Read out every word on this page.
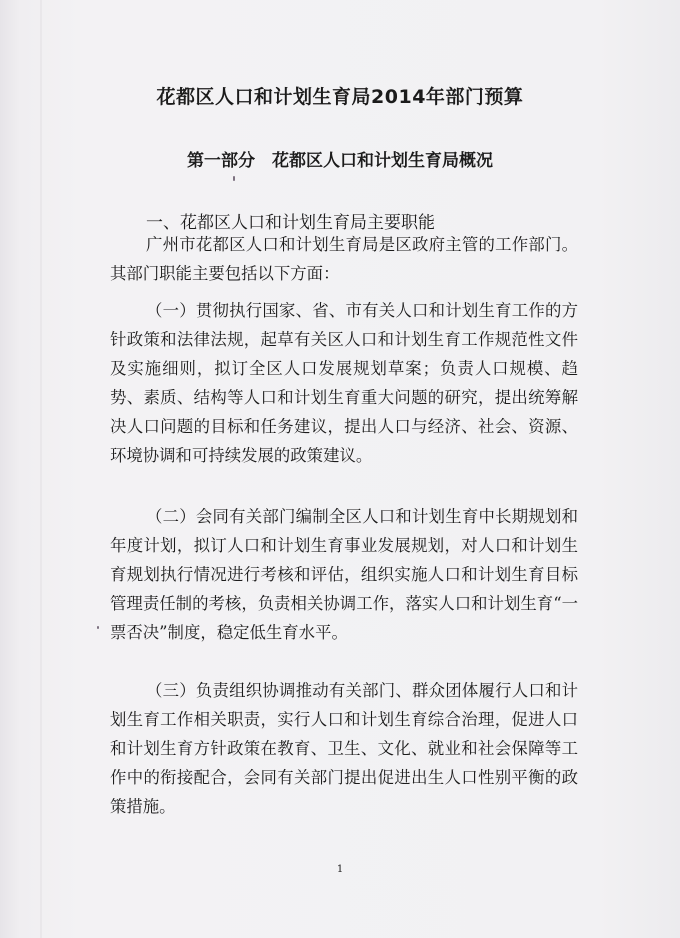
花都区人口和计划生育局2014年部门预算
第一部分　花都区人口和计划生育局概况
一、花都区人口和计划生育局主要职能

广州市花都区人口和计划生育局是区政府主管的工作部门。其部门职能主要包括以下方面：

（一）贯彻执行国家、省、市有关人口和计划生育工作的方针政策和法律法规，起草有关区人口和计划生育工作规范性文件及实施细则，拟订全区人口发展规划草案；负责人口规模、趋势、素质、结构等人口和计划生育重大问题的研究，提出统筹解决人口问题的目标和任务建议，提出人口与经济、社会、资源、环境协调和可持续发展的政策建议。

（二）会同有关部门编制全区人口和计划生育中长期规划和年度计划，拟订人口和计划生育事业发展规划，对人口和计划生育规划执行情况进行考核和评估，组织实施人口和计划生育目标管理责任制的考核，负责相关协调工作，落实人口和计划生育“一票否决”制度，稳定低生育水平。

（三）负责组织协调推动有关部门、群众团体履行人口和计划生育工作相关职责，实行人口和计划生育综合治理，促进人口和计划生育方针政策在教育、卫生、文化、就业和社会保障等工作中的衔接配合，会同有关部门提出促进出生人口性别平衡的政策措施。

1
